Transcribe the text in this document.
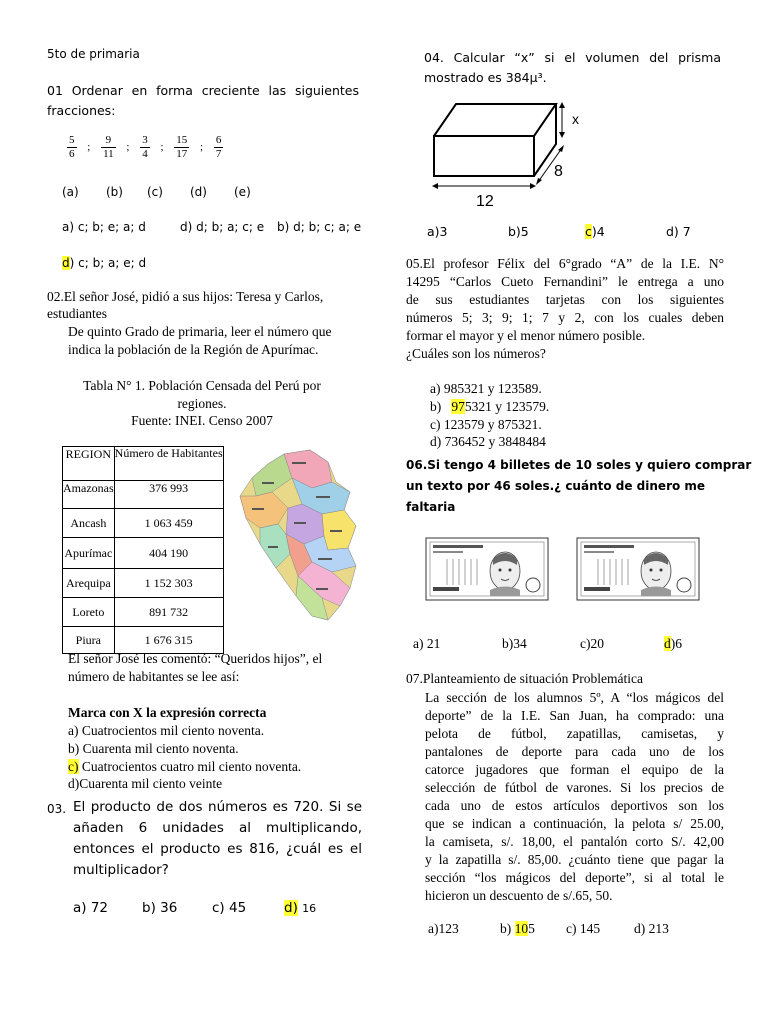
5to de primaria
01 Ordenar en forma creciente las siguientes fracciones:
$\frac{5}{6}$ ; $\frac{9}{11}$ ; $\frac{3}{4}$ ; $\frac{15}{17}$ ; $\frac{6}{7}$
(a) (b) (c) (d) (e)
a) c; b; e; a; d	d) d; b; a; c; e b) d; b; c; a; e
d) c; b; a; e; d
02.El señor José, pidió a sus hijos: Teresa y Carlos,
estudiantes
De quinto Grado de primaria, leer el número que
indica la población de la Región de Apurímac.
Tabla N° 1. Población Censada del Perú por
regiones.
Fuente: INEI. Censo 2007
REGION	Número de Habitantes
Amazonas	376 993
Ancash	1 063 459
Apurímac	404 190
Arequipa	1 152 303
Loreto	891 732
Piura	1 676 315
El señor José les comentó: “Queridos hijos”, el
número de habitantes se lee así:
Marca con X la expresión correcta
a) Cuatrocientos mil ciento noventa.
b) Cuarenta mil ciento noventa.
c) Cuatrocientos cuatro mil ciento noventa.
d)Cuarenta mil ciento veinte
03. El producto de dos números es 720. Si se
añaden 6 unidades al multiplicando,
entonces el producto es 816, ¿cuál es el
multiplicador?
a) 72	b) 36	c) 45	d) 16
04. Calcular “x” si el volumen del prisma
mostrado es 384μ³.
x
8
12
a)3	b)5	c)4	d) 7
05.El profesor Félix del 6°grado “A” de la I.E. N°
14295 “Carlos Cueto Fernandini” le entrega a uno
de sus estudiantes tarjetas con los siguientes
números 5; 3; 9; 1; 7 y 2, con los cuales deben
formar el mayor y el menor número posible.
¿Cuáles son los números?
a) 985321 y 123589.
b)   975321 y 123579.
c) 123579 y 875321.
d) 736452 y 3848484
06.Si tengo 4 billetes de 10 soles y quiero comprar
un texto por 46 soles.¿ cuánto de dinero me
faltaria
a) 21	b)34	c)20	d)6
07.Planteamiento de situación Problemática
La sección de los alumnos 5º, A “los mágicos del
deporte” de la I.E. San Juan, ha comprado: una
pelota de fútbol, zapatillas, camisetas, y
pantalones de deporte para cada uno de los
catorce jugadores que forman el equipo de la
selección de fútbol de varones. Si los precios de
cada uno de estos artículos deportivos son los
que se indican a continuación, la pelota s/ 25.00,
la camiseta, s/. 18,00, el pantalón corto S/. 42,00
y la zapatilla s/. 85,00. ¿cuánto tiene que pagar la
sección “los mágicos del deporte”, si al total le
hicieron un descuento de s/.65, 50.
a)123	b) 105 c) 145	d) 213
